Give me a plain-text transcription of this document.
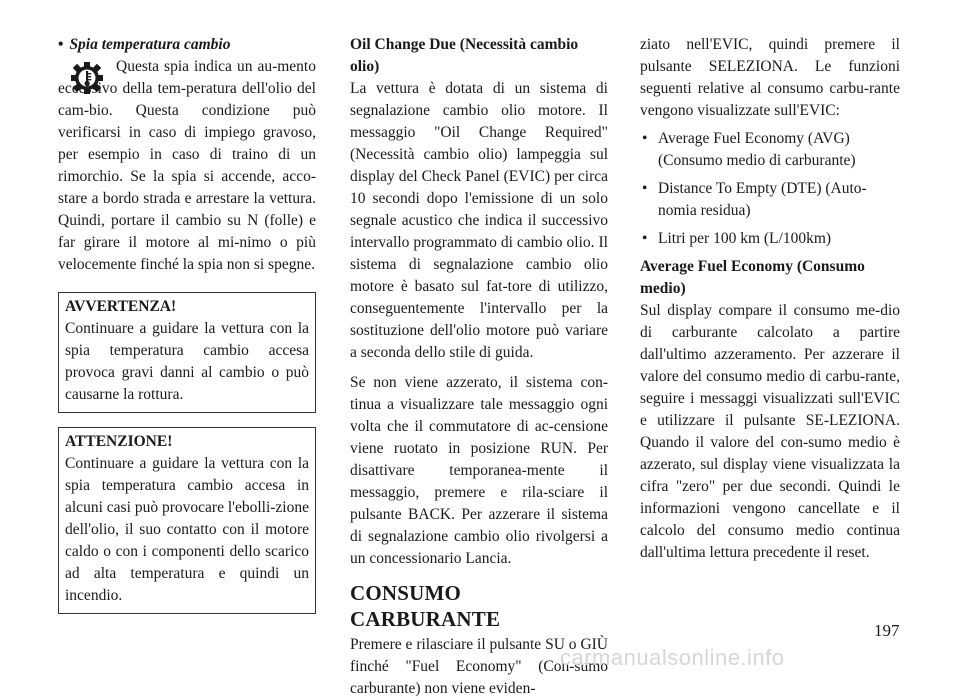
• Spia temperatura cambio

Questa spia indica un au-mento eccessivo della tem-peratura dell'olio del cam-bio. Questa condizione può verificarsi in caso di impiego gravoso, per esempio in caso di traino di un rimorchio. Se la spia si accende, acco-stare a bordo strada e arrestare la vettura. Quindi, portare il cambio su N (folle) e far girare il motore al mi-nimo o più velocemente finché la spia non si spegne.

AVVERTENZA!

Continuare a guidare la vettura con la spia temperatura cambio accesa provoca gravi danni al cambio o può causarne la rottura.

ATTENZIONE!

Continuare a guidare la vettura con la spia temperatura cambio accesa in alcuni casi può provocare l'ebolli-zione dell'olio, il suo contatto con il motore caldo o con i componenti dello scarico ad alta temperatura e quindi un incendio.

Oil Change Due (Necessità cambio olio)

La vettura è dotata di un sistema di segnalazione cambio olio motore. Il messaggio "Oil Change Required" (Necessità cambio olio) lampeggia sul display del Check Panel (EVIC) per circa 10 secondi dopo l'emissione di un solo segnale acustico che indica il successivo intervallo programmato di cambio olio. Il sistema di segnalazione cambio olio motore è basato sul fat-tore di utilizzo, conseguentemente l'intervallo per la sostituzione dell'olio motore può variare a seconda dello stile di guida.

Se non viene azzerato, il sistema con-tinua a visualizzare tale messaggio ogni volta che il commutatore di ac-censione viene ruotato in posizione RUN. Per disattivare temporanea-mente il messaggio, premere e rila-sciare il pulsante BACK. Per azzerare il sistema di segnalazione cambio olio rivolgersi a un concessionario Lancia.

CONSUMO CARBURANTE

Premere e rilasciare il pulsante SU o GIÙ finché "Fuel Economy" (Con-sumo carburante) non viene eviden-

ziato nell'EVIC, quindi premere il pulsante SELEZIONA. Le funzioni seguenti relative al consumo carbu-rante vengono visualizzate sull'EVIC:

• Average Fuel Economy (AVG) (Consumo medio di carburante)
• Distance To Empty (DTE) (Auto-nomia residua)
• Litri per 100 km (L/100km)
Average Fuel Economy (Consumo medio)

Sul display compare il consumo me-dio di carburante calcolato a partire dall'ultimo azzeramento. Per azzerare il valore del consumo medio di carbu-rante, seguire i messaggi visualizzati sull'EVIC e utilizzare il pulsante SE-LEZIONA. Quando il valore del con-sumo medio è azzerato, sul display viene visualizzata la cifra "zero" per due secondi. Quindi le informazioni vengono cancellate e il calcolo del consumo medio continua dall'ultima lettura precedente il reset.

197
carmanualsonline.info
